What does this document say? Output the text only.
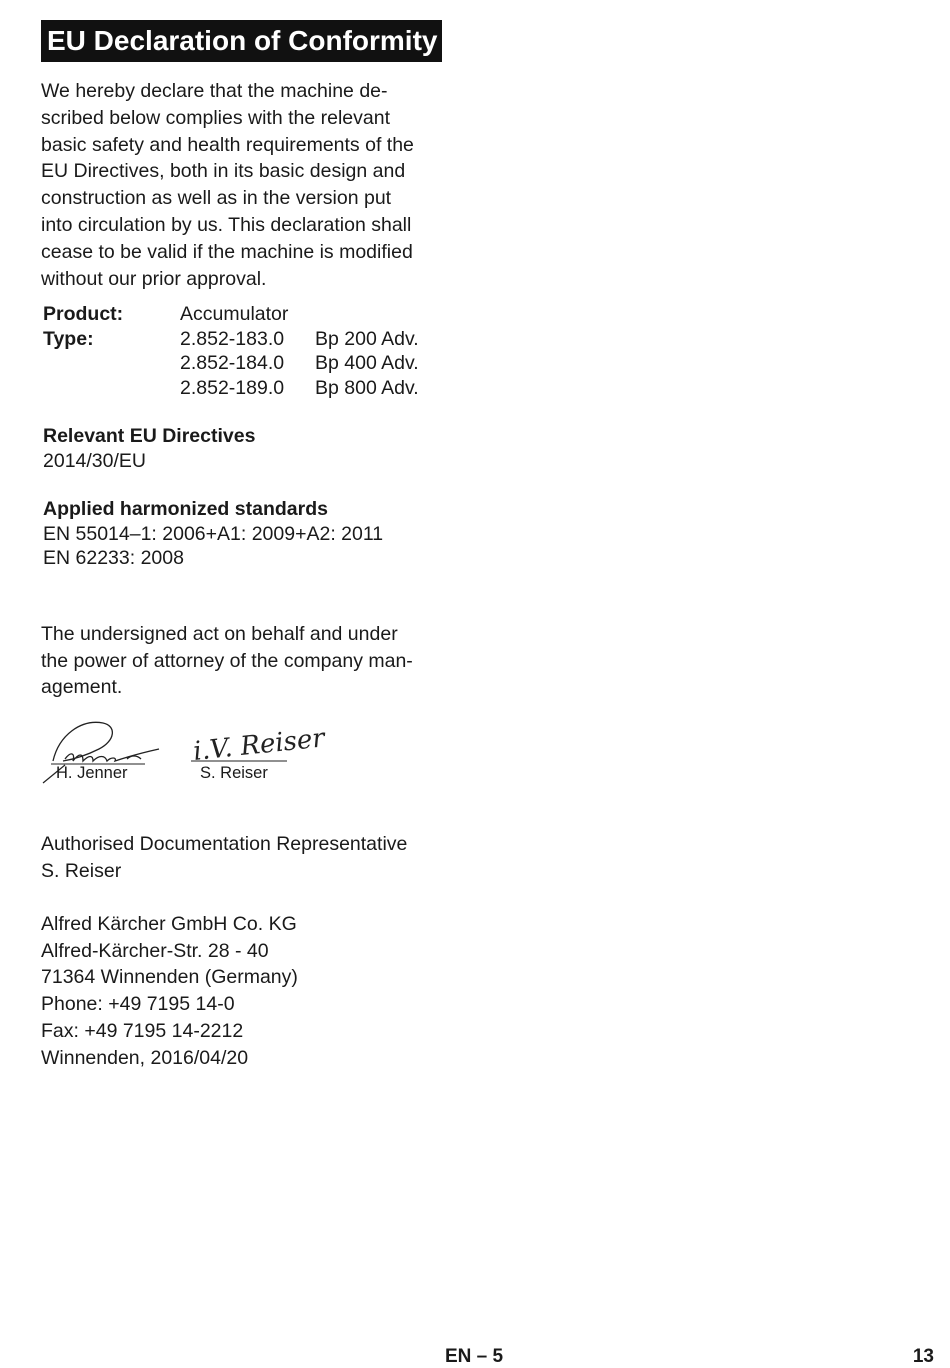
EU Declaration of Conformity

We hereby declare that the machine de-
scribed below complies with the relevant
basic safety and health requirements of the
EU Directives, both in its basic design and
construction as well as in the version put
into circulation by us. This declaration shall
cease to be valid if the machine is modified
without our prior approval.

Product:	Accumulator
Type:	2.852-183.0	Bp 200 Adv.
2.852-184.0	Bp 400 Adv.
2.852-189.0	Bp 800 Adv.
Relevant EU Directives
2014/30/EU
Applied harmonized standards
EN 55014–1: 2006+A1: 2009+A2: 2011
EN 62233: 2008

The undersigned act on behalf and under
the power of attorney of the company man-
agement.

H. Jenner
i.V. Reiser
S. Reiser
Authorised Documentation Representative
S. Reiser
Alfred Kärcher GmbH Co. KG
Alfred-Kärcher-Str. 28 - 40
71364 Winnenden (Germany)
Phone: +49 7195 14-0
Fax: +49 7195 14-2212
Winnenden, 2016/04/20
EN – 5	13
